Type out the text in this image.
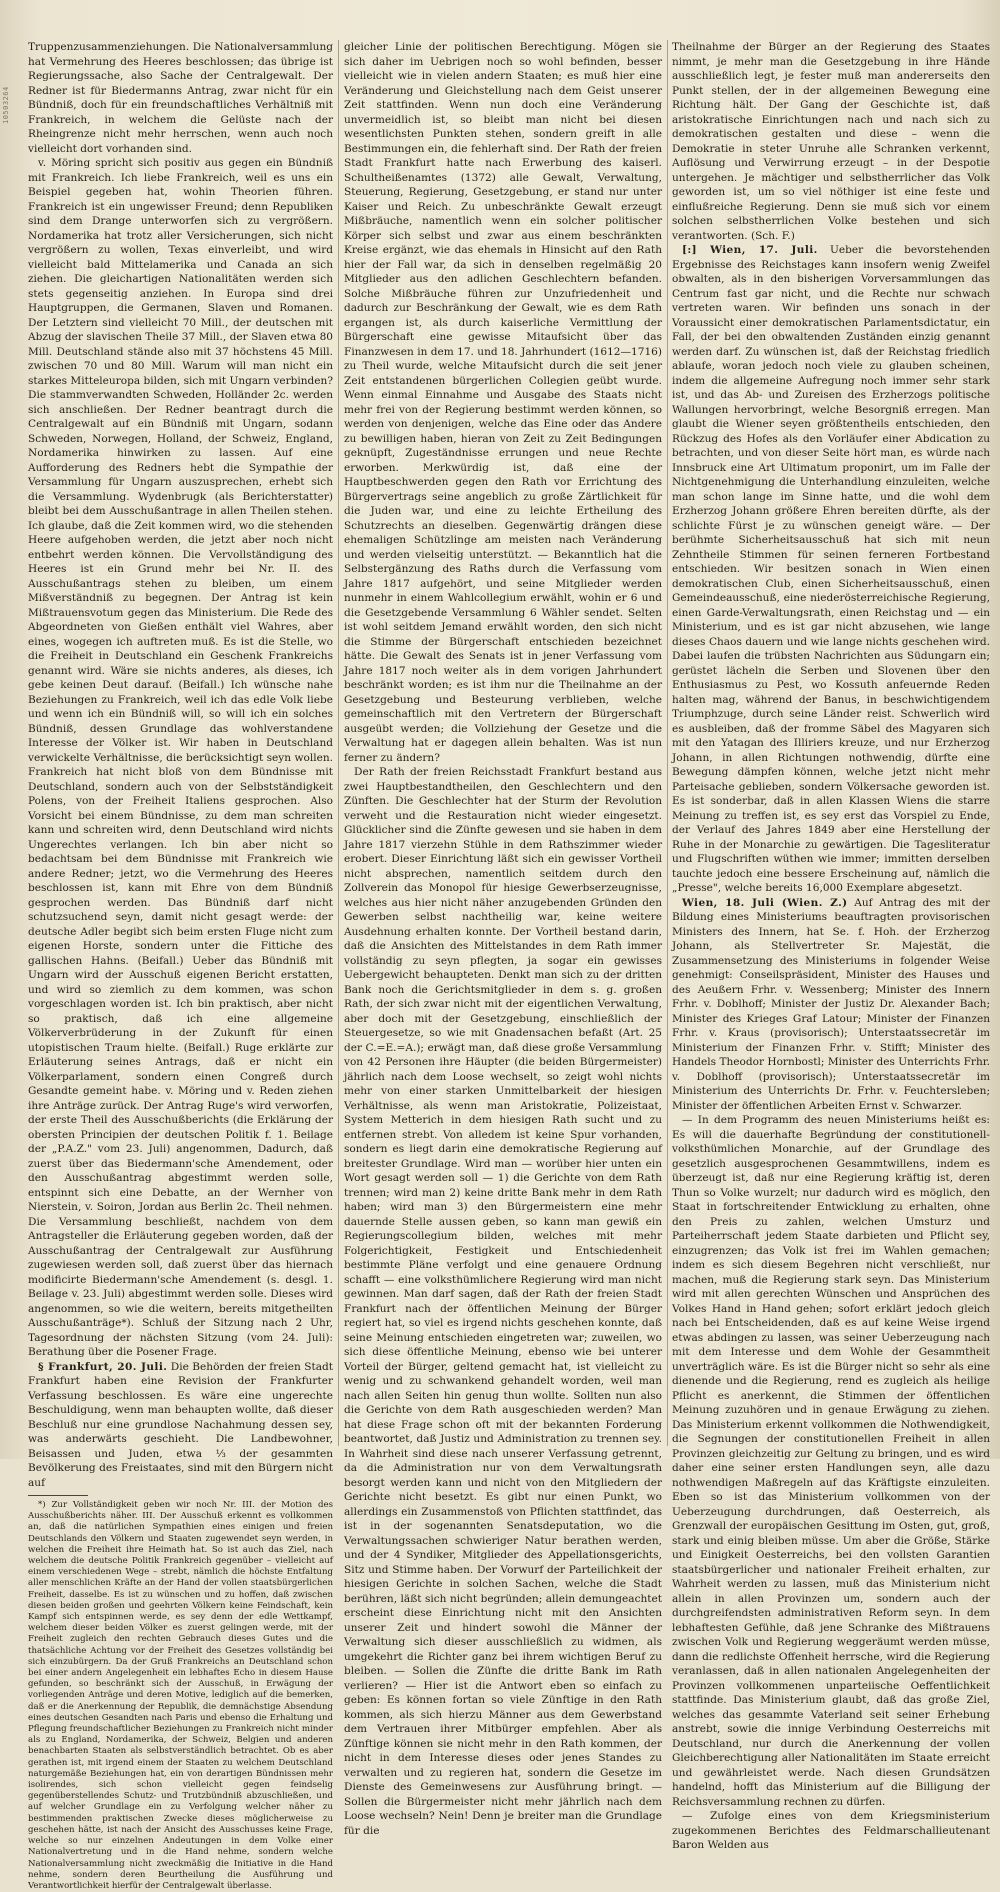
10503264

Truppenzusammenziehungen. Die Nationalversammlung hat Vermehrung des Heeres beschlossen; das übrige ist Regierungssache, also Sache der Centralgewalt. Der Redner ist für Biedermanns Antrag, zwar nicht für ein Bündniß, doch für ein freundschaftliches Verhältniß mit Frankreich, in welchem die Gelüste nach der Rheingrenze nicht mehr herrschen, wenn auch noch vielleicht dort vorhanden sind.

v. Möring spricht sich positiv aus gegen ein Bündniß mit Frankreich. Ich liebe Frankreich, weil es uns ein Beispiel gegeben hat, wohin Theorien führen. Frankreich ist ein ungewisser Freund; denn Republiken sind dem Drange unterworfen sich zu vergrößern. Nordamerika hat trotz aller Versicherungen, sich nicht vergrößern zu wollen, Texas einverleibt, und wird vielleicht bald Mittelamerika und Canada an sich ziehen. Die gleichartigen Nationalitäten werden sich stets gegenseitig anziehen. In Europa sind drei Hauptgruppen, die Germanen, Slaven und Romanen. Der Letztern sind vielleicht 70 Mill., der deutschen mit Abzug der slavischen Theile 37 Mill., der Slaven etwa 80 Mill. Deutschland stände also mit 37 höchstens 45 Mill. zwischen 70 und 80 Mill. Warum will man nicht ein starkes Mitteleuropa bilden, sich mit Ungarn verbinden? Die stammverwandten Schweden, Holländer 2c. werden sich anschließen. Der Redner beantragt durch die Centralgewalt auf ein Bündniß mit Ungarn, sodann Schweden, Norwegen, Holland, der Schweiz, England, Nordamerika hinwirken zu lassen. Auf eine Aufforderung des Redners hebt die Sympathie der Versammlung für Ungarn auszusprechen, erhebt sich die Versammlung. Wydenbrugk (als Berichterstatter) bleibt bei dem Ausschußantrage in allen Theilen stehen. Ich glaube, daß die Zeit kommen wird, wo die stehenden Heere aufgehoben werden, die jetzt aber noch nicht entbehrt werden können. Die Vervollständigung des Heeres ist ein Grund mehr bei Nr. II. des Ausschußantrags stehen zu bleiben, um einem Mißverständniß zu begegnen. Der Antrag ist kein Mißtrauensvotum gegen das Ministerium. Die Rede des Abgeordneten von Gießen enthält viel Wahres, aber eines, wogegen ich auftreten muß. Es ist die Stelle, wo die Freiheit in Deutschland ein Geschenk Frankreichs genannt wird. Wäre sie nichts anderes, als dieses, ich gebe keinen Deut darauf. (Beifall.) Ich wünsche nahe Beziehungen zu Frankreich, weil ich das edle Volk liebe und wenn ich ein Bündniß will, so will ich ein solches Bündniß, dessen Grundlage das wohlverstandene Interesse der Völker ist. Wir haben in Deutschland verwickelte Verhältnisse, die berücksichtigt seyn wollen. Frankreich hat nicht bloß von dem Bündnisse mit Deutschland, sondern auch von der Selbstständigkeit Polens, von der Freiheit Italiens gesprochen. Also Vorsicht bei einem Bündnisse, zu dem man schreiten kann und schreiten wird, denn Deutschland wird nichts Ungerechtes verlangen. Ich bin aber nicht so bedachtsam bei dem Bündnisse mit Frankreich wie andere Redner; jetzt, wo die Vermehrung des Heeres beschlossen ist, kann mit Ehre von dem Bündniß gesprochen werden. Das Bündniß darf nicht schutzsuchend seyn, damit nicht gesagt werde: der deutsche Adler begibt sich beim ersten Fluge nicht zum eigenen Horste, sondern unter die Fittiche des gallischen Hahns. (Beifall.) Ueber das Bündniß mit Ungarn wird der Ausschuß eigenen Bericht erstatten, und wird so ziemlich zu dem kommen, was schon vorgeschlagen worden ist. Ich bin praktisch, aber nicht so praktisch, daß ich eine allgemeine Völkerverbrüderung in der Zukunft für einen utopistischen Traum hielte. (Beifall.) Ruge erklärte zur Erläuterung seines Antrags, daß er nicht ein Völkerparlament, sondern einen Congreß durch Gesandte gemeint habe. v. Möring und v. Reden ziehen ihre Anträge zurück. Der Antrag Ruge's wird verworfen, der erste Theil des Ausschußberichts (die Erklärung der obersten Principien der deutschen Politik f. 1. Beilage der „P.A.Z." vom 23. Juli) angenommen, Dadurch, daß zuerst über das Biedermann'sche Amendement, oder den Ausschußantrag abgestimmt werden solle, entspinnt sich eine Debatte, an der Wernher von Nierstein, v. Soiron, Jordan aus Berlin 2c. Theil nehmen. Die Versammlung beschließt, nachdem von dem Antragsteller die Erläuterung gegeben worden, daß der Ausschußantrag der Centralgewalt zur Ausführung zugewiesen werden soll, daß zuerst über das hiernach modificirte Biedermann'sche Amendement (s. desgl. 1. Beilage v. 23. Juli) abgestimmt werden solle. Dieses wird angenommen, so wie die weitern, bereits mitgetheilten Ausschußanträge*). Schluß der Sitzung nach 2 Uhr, Tagesordnung der nächsten Sitzung (vom 24. Juli): Berathung über die Posener Frage.

§ Frankfurt, 20. Juli. Die Behörden der freien Stadt Frankfurt haben eine Revision der Frankfurter Verfassung beschlossen. Es wäre eine ungerechte Beschuldigung, wenn man behaupten wollte, daß dieser Beschluß nur eine grundlose Nachahmung dessen sey, was anderwärts geschieht. Die Landbewohner, Beisassen und Juden, etwa ⅓ der gesammten Bevölkerung des Freistaates, sind mit den Bürgern nicht auf

*) Zur Vollständigkeit geben wir noch Nr. III. der Motion des Ausschußberichts näher. III. Der Ausschuß erkennt es vollkommen an, daß die natürlichen Sympathien eines einigen und freien Deutschlands den Völkern und Staaten zugewendet seyn werden, in welchen die Freiheit ihre Heimath hat. So ist auch das Ziel, nach welchem die deutsche Politik Frankreich gegenüber – vielleicht auf einem verschiedenen Wege – strebt, nämlich die höchste Entfaltung aller menschlichen Kräfte an der Hand der vollen staatsbürgerlichen Freiheit, dasselbe. Es ist zu wünschen und zu hoffen, daß zwischen diesen beiden großen und geehrten Völkern keine Feindschaft, kein Kampf sich entspinnen werde, es sey denn der edle Wettkampf, welchem dieser beiden Völker es zuerst gelingen werde, mit der Freiheit zugleich den rechten Gebrauch dieses Gutes und die thatsächliche Achtung vor der Freiheit des Gesetzes vollständig bei sich einzubürgern. Da der Gruß Frankreichs an Deutschland schon bei einer andern Angelegenheit ein lebhaftes Echo in diesem Hause gefunden, so beschränkt sich der Ausschuß, in Erwägung der vorliegenden Anträge und deren Motive, lediglich auf die bemerken, daß er die Anerkennung der Republik, die demnächstige Absendung eines deutschen Gesandten nach Paris und ebenso die Erhaltung und Pflegung freundschaftlicher Beziehungen zu Frankreich nicht minder als zu England, Nordamerika, der Schweiz, Belgien und anderen benachbarten Staaten als selbstverständlich betrachtet. Ob es aber gerathen ist, mit irgend einem der Staaten zu welchem Deutschland naturgemäße Beziehungen hat, ein von derartigen Bündnissen mehr isolirendes, sich schon vielleicht gegen feindselig gegenüberstellendes Schutz- und Trutzbündniß abzuschließen, und auf welcher Grundlage ein zu Verfolgung welcher näher zu bestimmenden praktischen Zwecke dieses möglicherweise zu geschehen hätte, ist nach der Ansicht des Ausschusses keine Frage, welche so nur einzelnen Andeutungen in dem Volke einer Nationalvertretung und in die Hand nehme, sondern welche Nationalversammlung nicht zweckmäßig die Initiative in die Hand nehme, sondern deren Beurtheilung die Ausführung und Verantwortlichkeit hierfür der Centralgewalt überlasse.

gleicher Linie der politischen Berechtigung. Mögen sie sich daher im Uebrigen noch so wohl befinden, besser vielleicht wie in vielen andern Staaten; es muß hier eine Veränderung und Gleichstellung nach dem Geist unserer Zeit stattfinden. Wenn nun doch eine Veränderung unvermeidlich ist, so bleibt man nicht bei diesen wesentlichsten Punkten stehen, sondern greift in alle Bestimmungen ein, die fehlerhaft sind. Der Rath der freien Stadt Frankfurt hatte nach Erwerbung des kaiserl. Schultheißenamtes (1372) alle Gewalt, Verwaltung, Steuerung, Regierung, Gesetzgebung, er stand nur unter Kaiser und Reich. Zu unbeschränkte Gewalt erzeugt Mißbräuche, namentlich wenn ein solcher politischer Körper sich selbst und zwar aus einem beschränkten Kreise ergänzt, wie das ehemals in Hinsicht auf den Rath hier der Fall war, da sich in denselben regelmäßig 20 Mitglieder aus den adlichen Geschlechtern befanden. Solche Mißbräuche führen zur Unzufriedenheit und dadurch zur Beschränkung der Gewalt, wie es dem Rath ergangen ist, als durch kaiserliche Vermittlung der Bürgerschaft eine gewisse Mitaufsicht über das Finanzwesen in dem 17. und 18. Jahrhundert (1612—1716) zu Theil wurde, welche Mitaufsicht durch die seit jener Zeit entstandenen bürgerlichen Collegien geübt wurde. Wenn einmal Einnahme und Ausgabe des Staats nicht mehr frei von der Regierung bestimmt werden können, so werden von denjenigen, welche das Eine oder das Andere zu bewilligen haben, hieran von Zeit zu Zeit Bedingungen geknüpft, Zugeständnisse errungen und neue Rechte erworben. Merkwürdig ist, daß eine der Hauptbeschwerden gegen den Rath vor Errichtung des Bürgervertrags seine angeblich zu große Zärtlichkeit für die Juden war, und eine zu leichte Ertheilung des Schutzrechts an dieselben. Gegenwärtig drängen diese ehemaligen Schützlinge am meisten nach Veränderung und werden vielseitig unterstützt. — Bekanntlich hat die Selbstergänzung des Raths durch die Verfassung vom Jahre 1817 aufgehört, und seine Mitglieder werden nunmehr in einem Wahlcollegium erwählt, wohin er 6 und die Gesetzgebende Versammlung 6 Wähler sendet. Selten ist wohl seitdem Jemand erwählt worden, den sich nicht die Stimme der Bürgerschaft entschieden bezeichnet hätte. Die Gewalt des Senats ist in jener Verfassung vom Jahre 1817 noch weiter als in dem vorigen Jahrhundert beschränkt worden; es ist ihm nur die Theilnahme an der Gesetzgebung und Besteurung verblieben, welche gemeinschaftlich mit den Vertretern der Bürgerschaft ausgeübt werden; die Vollziehung der Gesetze und die Verwaltung hat er dagegen allein behalten. Was ist nun ferner zu ändern?

Der Rath der freien Reichsstadt Frankfurt bestand aus zwei Hauptbestandtheilen, den Geschlechtern und den Zünften. Die Geschlechter hat der Sturm der Revolution verweht und die Restauration nicht wieder eingesetzt. Glücklicher sind die Zünfte gewesen und sie haben in dem Jahre 1817 vierzehn Stühle in dem Rathszimmer wieder erobert. Dieser Einrichtung läßt sich ein gewisser Vortheil nicht absprechen, namentlich seitdem durch den Zollverein das Monopol für hiesige Gewerbserzeugnisse, welches aus hier nicht näher anzugebenden Gründen den Gewerben selbst nachtheilig war, keine weitere Ausdehnung erhalten konnte. Der Vortheil bestand darin, daß die Ansichten des Mittelstandes in dem Rath immer vollständig zu seyn pflegten, ja sogar ein gewisses Uebergewicht behaupteten. Denkt man sich zu der dritten Bank noch die Gerichtsmitglieder in dem s. g. großen Rath, der sich zwar nicht mit der eigentlichen Verwaltung, aber doch mit der Gesetzgebung, einschließlich der Steuergesetze, so wie mit Gnadensachen befaßt (Art. 25 der C.=E.=A.); erwägt man, daß diese große Versammlung von 42 Personen ihre Häupter (die beiden Bürgermeister) jährlich nach dem Loose wechselt, so zeigt wohl nichts mehr von einer starken Unmittelbarkeit der hiesigen Verhältnisse, als wenn man Aristokratie, Polizeistaat, System Metterich in dem hiesigen Rath sucht und zu entfernen strebt. Von alledem ist keine Spur vorhanden, sondern es liegt darin eine demokratische Regierung auf breitester Grundlage. Wird man — worüber hier unten ein Wort gesagt werden soll — 1) die Gerichte von dem Rath trennen; wird man 2) keine dritte Bank mehr in dem Rath haben; wird man 3) den Bürgermeistern eine mehr dauernde Stelle aussen geben, so kann man gewiß ein Regierungscollegium bilden, welches mit mehr Folgerichtigkeit, Festigkeit und Entschiedenheit bestimmte Pläne verfolgt und eine genauere Ordnung schafft — eine volksthümlichere Regierung wird man nicht gewinnen. Man darf sagen, daß der Rath der freien Stadt Frankfurt nach der öffentlichen Meinung der Bürger regiert hat, so viel es irgend nichts geschehen konnte, daß seine Meinung entschieden eingetreten war; zuweilen, wo sich diese öffentliche Meinung, ebenso wie bei unterer Vorteil der Bürger, geltend gemacht hat, ist vielleicht zu wenig und zu schwankend gehandelt worden, weil man nach allen Seiten hin genug thun wollte. Sollten nun also die Gerichte von dem Rath ausgeschieden werden? Man hat diese Frage schon oft mit der bekannten Forderung beantwortet, daß Justiz und Administration zu trennen sey. In Wahrheit sind diese nach unserer Verfassung getrennt, da die Administration nur von dem Verwaltungsrath besorgt werden kann und nicht von den Mitgliedern der Gerichte nicht besetzt. Es gibt nur einen Punkt, wo allerdings ein Zusammenstoß von Pflichten stattfindet, das ist in der sogenannten Senatsdeputation, wo die Verwaltungssachen schwieriger Natur berathen werden, und der 4 Syndiker, Mitglieder des Appellationsgerichts, Sitz und Stimme haben. Der Vorwurf der Parteilichkeit der hiesigen Gerichte in solchen Sachen, welche die Stadt berühren, läßt sich nicht begründen; allein demungeachtet erscheint diese Einrichtung nicht mit den Ansichten unserer Zeit und hindert sowohl die Männer der Verwaltung sich dieser ausschließlich zu widmen, als umgekehrt die Richter ganz bei ihrem wichtigen Beruf zu bleiben. — Sollen die Zünfte die dritte Bank im Rath verlieren? — Hier ist die Antwort eben so einfach zu geben: Es können fortan so viele Zünftige in den Rath kommen, als sich hierzu Männer aus dem Gewerbstand dem Vertrauen ihrer Mitbürger empfehlen. Aber als Zünftige können sie nicht mehr in den Rath kommen, der nicht in dem Interesse dieses oder jenes Standes zu verwalten und zu regieren hat, sondern die Gesetze im Dienste des Gemeinwesens zur Ausführung bringt. — Sollen die Bürgermeister nicht mehr jährlich nach dem Loose wechseln? Nein! Denn je breiter man die Grundlage für die

Theilnahme der Bürger an der Regierung des Staates nimmt, je mehr man die Gesetzgebung in ihre Hände ausschließlich legt, je fester muß man andererseits den Punkt stellen, der in der allgemeinen Bewegung eine Richtung hält. Der Gang der Geschichte ist, daß aristokratische Einrichtungen nach und nach sich zu demokratischen gestalten und diese – wenn die Demokratie in steter Unruhe alle Schranken verkennt, Auflösung und Verwirrung erzeugt – in der Despotie untergehen. Je mächtiger und selbstherrlicher das Volk geworden ist, um so viel nöthiger ist eine feste und einflußreiche Regierung. Denn sie muß sich vor einem solchen selbstherrlichen Volke bestehen und sich verantworten. (Sch. F.)

[:] Wien, 17. Juli. Ueber die bevorstehenden Ergebnisse des Reichstages kann insofern wenig Zweifel obwalten, als in den bisherigen Vorversammlungen das Centrum fast gar nicht, und die Rechte nur schwach vertreten waren. Wir befinden uns sonach in der Voraussicht einer demokratischen Parlamentsdictatur, ein Fall, der bei den obwaltenden Zuständen einzig genannt werden darf. Zu wünschen ist, daß der Reichstag friedlich ablaufe, woran jedoch noch viele zu glauben scheinen, indem die allgemeine Aufregung noch immer sehr stark ist, und das Ab- und Zureisen des Erzherzogs politische Wallungen hervorbringt, welche Besorgniß erregen. Man glaubt die Wiener seyen größtentheils entschieden, den Rückzug des Hofes als den Vorläufer einer Abdication zu betrachten, und von dieser Seite hört man, es würde nach Innsbruck eine Art Ultimatum proponirt, um im Falle der Nichtgenehmigung die Unterhandlung einzuleiten, welche man schon lange im Sinne hatte, und die wohl dem Erzherzog Johann größere Ehren bereiten dürfte, als der schlichte Fürst je zu wünschen geneigt wäre. — Der berühmte Sicherheitsausschuß hat sich mit neun Zehntheile Stimmen für seinen ferneren Fortbestand entschieden. Wir besitzen sonach in Wien einen demokratischen Club, einen Sicherheitsausschuß, einen Gemeindeausschuß, eine niederösterreichische Regierung, einen Garde-Verwaltungsrath, einen Reichstag und — ein Ministerium, und es ist gar nicht abzusehen, wie lange dieses Chaos dauern und wie lange nichts geschehen wird. Dabei laufen die trübsten Nachrichten aus Südungarn ein; gerüstet lächeln die Serben und Slovenen über den Enthusiasmus zu Pest, wo Kossuth anfeuernde Reden halten mag, während der Banus, in beschwichtigendem Triumphzuge, durch seine Länder reist. Schwerlich wird es ausbleiben, daß der fromme Säbel des Magyaren sich mit den Yatagan des Illiriers kreuze, und nur Erzherzog Johann, in allen Richtungen nothwendig, dürfte eine Bewegung dämpfen können, welche jetzt nicht mehr Parteisache geblieben, sondern Völkersache geworden ist. Es ist sonderbar, daß in allen Klassen Wiens die starre Meinung zu treffen ist, es sey erst das Vorspiel zu Ende, der Verlauf des Jahres 1849 aber eine Herstellung der Ruhe in der Monarchie zu gewärtigen. Die Tagesliteratur und Flugschriften wüthen wie immer; immitten derselben tauchte jedoch eine bessere Erscheinung auf, nämlich die „Presse", welche bereits 16,000 Exemplare abgesetzt.

Wien, 18. Juli (Wien. Z.) Auf Antrag des mit der Bildung eines Ministeriums beauftragten provisorischen Ministers des Innern, hat Se. f. Hoh. der Erzherzog Johann, als Stellvertreter Sr. Majestät, die Zusammensetzung des Ministeriums in folgender Weise genehmigt: Conseilspräsident, Minister des Hauses und des Aeußern Frhr. v. Wessenberg; Minister des Innern Frhr. v. Doblhoff; Minister der Justiz Dr. Alexander Bach; Minister des Krieges Graf Latour; Minister der Finanzen Frhr. v. Kraus (provisorisch); Unterstaatssecretär im Ministerium der Finanzen Frhr. v. Stifft; Minister des Handels Theodor Hornbostl; Minister des Unterrichts Frhr. v. Doblhoff (provisorisch); Unterstaatssecretär im Ministerium des Unterrichts Dr. Frhr. v. Feuchtersleben; Minister der öffentlichen Arbeiten Ernst v. Schwarzer.

— In dem Programm des neuen Ministeriums heißt es: Es will die dauerhafte Begründung der constitutionell-volksthümlichen Monarchie, auf der Grundlage des gesetzlich ausgesprochenen Gesammtwillens, indem es überzeugt ist, daß nur eine Regierung kräftig ist, deren Thun so Volke wurzelt; nur dadurch wird es möglich, den Staat in fortschreitender Entwicklung zu erhalten, ohne den Preis zu zahlen, welchen Umsturz und Parteiherrschaft jedem Staate darbieten und Pflicht sey, einzugrenzen; das Volk ist frei im Wahlen gemachen; indem es sich diesem Begehren nicht verschließt, nur machen, muß die Regierung stark seyn. Das Ministerium wird mit allen gerechten Wünschen und Ansprüchen des Volkes Hand in Hand gehen; sofort erklärt jedoch gleich nach bei Entscheidenden, daß es auf keine Weise irgend etwas abdingen zu lassen, was seiner Ueberzeugung nach mit dem Interesse und dem Wohle der Gesammtheit unverträglich wäre. Es ist die Bürger nicht so sehr als eine dienende und die Regierung, rend es zugleich als heilige Pflicht es anerkennt, die Stimmen der öffentlichen Meinung zuzuhören und in genaue Erwägung zu ziehen. Das Ministerium erkennt vollkommen die Nothwendigkeit, die Segnungen der constitutionellen Freiheit in allen Provinzen gleichzeitig zur Geltung zu bringen, und es wird daher eine seiner ersten Handlungen seyn, alle dazu nothwendigen Maßregeln auf das Kräftigste einzuleiten. Eben so ist das Ministerium vollkommen von der Ueberzeugung durchdrungen, daß Oesterreich, als Grenzwall der europäischen Gesittung im Osten, gut, groß, stark und einig bleiben müsse. Um aber die Größe, Stärke und Einigkeit Oesterreichs, bei den vollsten Garantien staatsbürgerlicher und nationaler Freiheit erhalten, zur Wahrheit werden zu lassen, muß das Ministerium nicht allein in allen Provinzen um, sondern auch der durchgreifendsten administrativen Reform seyn. In dem lebhaftesten Gefühle, daß jene Schranke des Mißtrauens zwischen Volk und Regierung weggeräumt werden müsse, dann die redlichste Offenheit herrsche, wird die Regierung veranlassen, daß in allen nationalen Angelegenheiten der Provinzen vollkommenen unparteiische Oeffentlichkeit stattfinde. Das Ministerium glaubt, daß das große Ziel, welches das gesammte Vaterland seit seiner Erhebung anstrebt, sowie die innige Verbindung Oesterreichs mit Deutschland, nur durch die Anerkennung der vollen Gleichberechtigung aller Nationalitäten im Staate erreicht und gewährleistet werde. Nach diesen Grundsätzen handelnd, hofft das Ministerium auf die Billigung der Reichsversammlung rechnen zu dürfen.

— Zufolge eines von dem Kriegsministerium zugekommenen Berichtes des Feldmarschallieutenant Baron Welden aus
